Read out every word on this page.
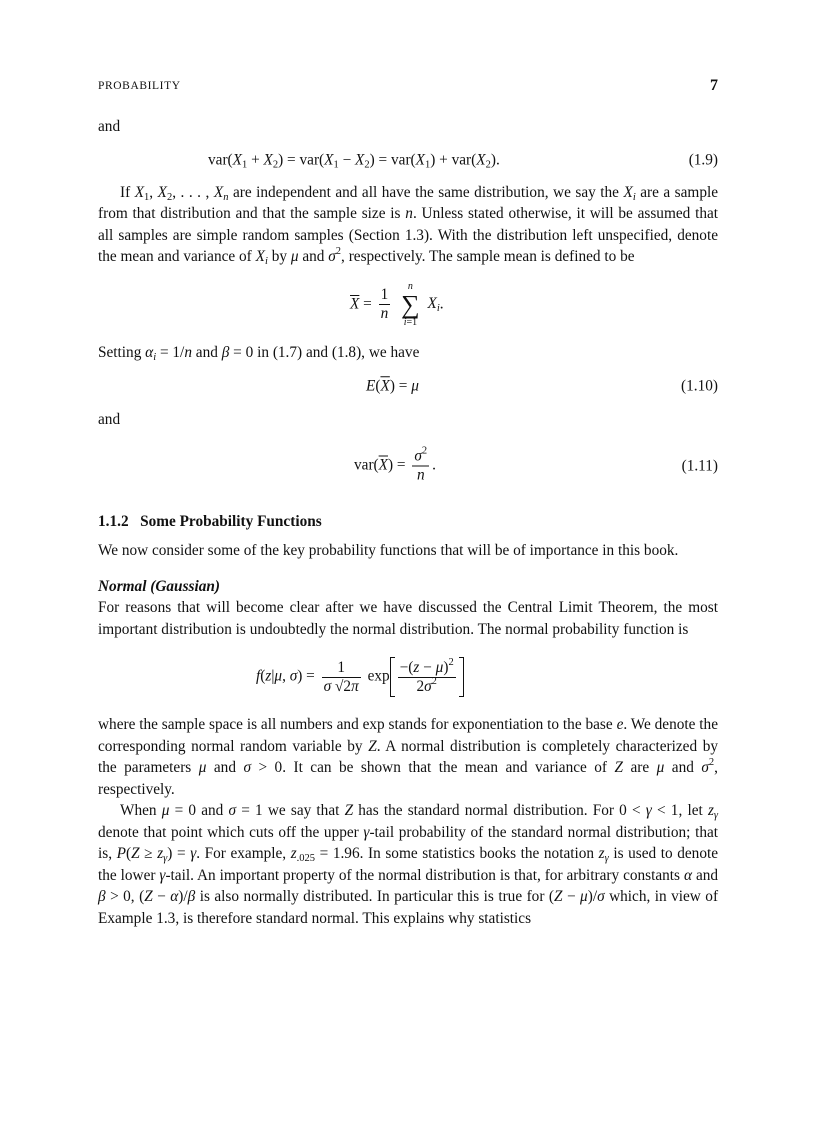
PROBABILITY	7

and

$var(X_1 + X_2) = var(X_1 - X_2) = var(X_1) + var(X_2)$.	(1.9)

If $X_1$, $X_2$, . . . , $X_n$ are independent and all have the same distribution, we say the $X_i$ are a sample from that distribution and that the sample size is n. Unless stated otherwise, it will be assumed that all samples are simple random samples (Section 1.3). With the distribution left unspecified, denote the mean and variance of $X_i$ by μ and $\sigma^2$, respectively. The sample mean is defined to be

$\overline{X} = \frac{1}{n}$
	n
∑
i=1
$X_i$.

Setting $\alpha_i = 1/n$ and β = 0 in (1.7) and (1.8), we have

$E(\overline{X}) = \mu$	(1.10)

and

$var(\overline{X}) = \frac{\sigma^2}{n}$ .	(1.11)
1.1.2 Some Probability Functions

We now consider some of the key probability functions that will be of importance in this book.

Normal (Gaussian)

For reasons that will become clear after we have discussed the Central Limit Theorem, the most important distribution is undoubtedly the normal distribution. The normal probability function is

f(z|μ, $\sigma) = \frac{1}{\sigma √2\pi}$ $\exp \frac{-(z - \mu)^2}{2\sigma^2}$

where the sample space is all numbers and exp stands for exponentiation to the base e. We denote the corresponding normal random variable by Z. A normal distribution is completely characterized by the parameters μ and σ > 0. It can be shown that the mean and variance of Z are μ and $\sigma^2$, respectively.

When μ = 0 and σ = 1 we say that Z has the standard normal distribution. For 0 < γ < 1, let $z_\gamma$ denote that point which cuts off the upper γ-tail probability of the standard normal distribution; that is, $P(Z \ge z_\gamma) = \gamma$. For example, $z_{.025} = 1.96$. In some statistics books the notation $z_\gamma$ is used to denote the lower γ-tail. An important property of the normal distribution is that, for arbitrary constants α and β > 0, (Z − α)/β is also normally distributed. In particular this is true for (Z − μ)/σ which, in view of Example 1.3, is therefore standard normal. This explains why statistics
